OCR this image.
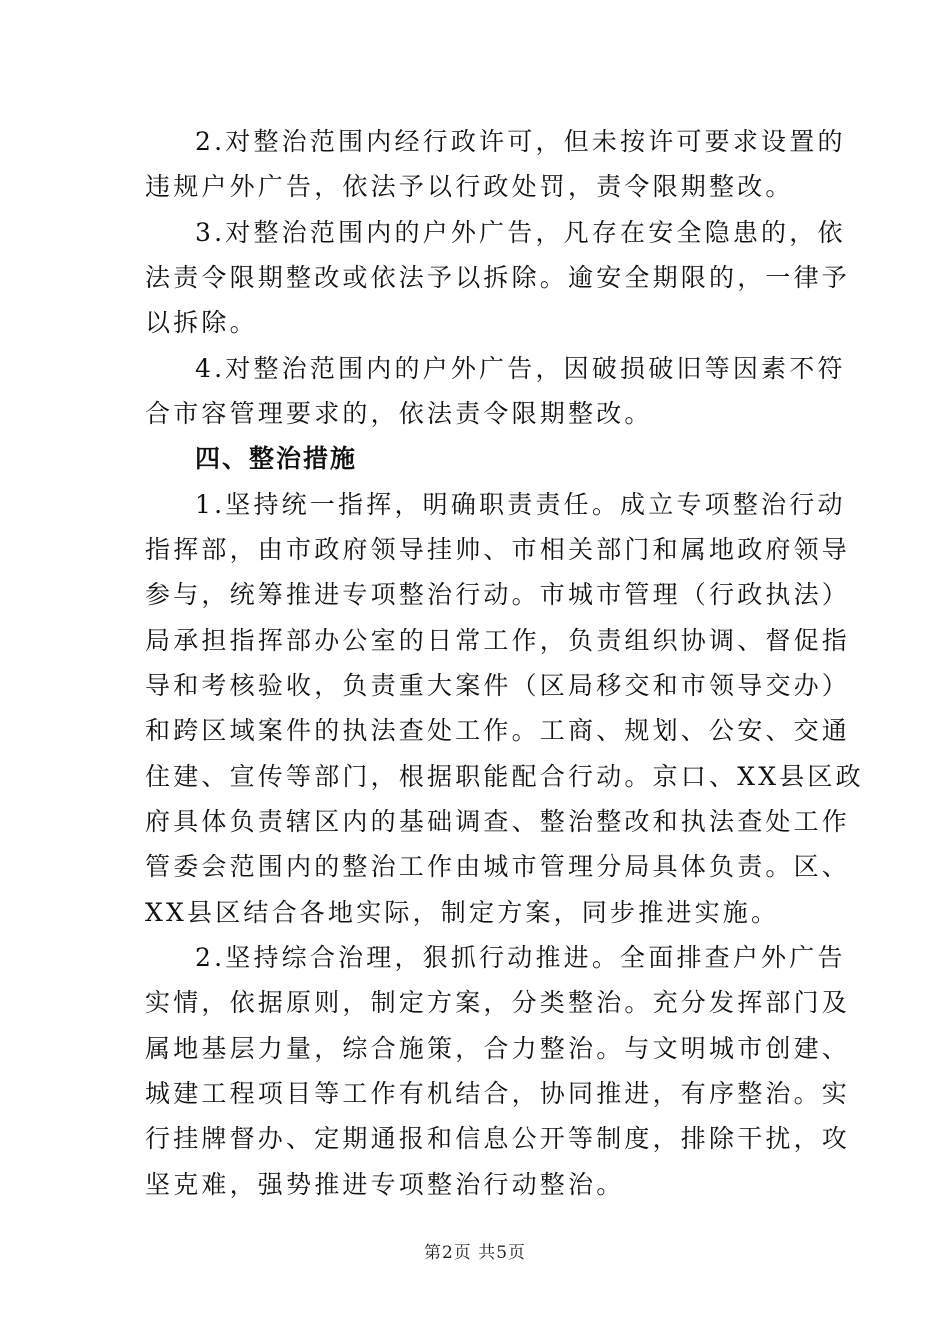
2.对整治范围内经行政许可，但未按许可要求设置的
违规户外广告，依法予以行政处罚，责令限期整改。
3.对整治范围内的户外广告，凡存在安全隐患的，依
法责令限期整改或依法予以拆除。逾安全期限的，一律予
以拆除。
4.对整治范围内的户外广告，因破损破旧等因素不符
合市容管理要求的，依法责令限期整改。
四、整治措施
1.坚持统一指挥，明确职责责任。成立专项整治行动
指挥部，由市政府领导挂帅、市相关部门和属地政府领导
参与，统筹推进专项整治行动。市城市管理（行政执法）
局承担指挥部办公室的日常工作，负责组织协调、督促指
导和考核验收，负责重大案件（区局移交和市领导交办）
和跨区域案件的执法查处工作。工商、规划、公安、交通
住建、宣传等部门，根据职能配合行动。京口、XX县区政
府具体负责辖区内的基础调查、整治整改和执法查处工作
管委会范围内的整治工作由城市管理分局具体负责。区、
XX县区结合各地实际，制定方案，同步推进实施。
2.坚持综合治理，狠抓行动推进。全面排查户外广告
实情，依据原则，制定方案，分类整治。充分发挥部门及
属地基层力量，综合施策，合力整治。与文明城市创建、
城建工程项目等工作有机结合，协同推进，有序整治。实
行挂牌督办、定期通报和信息公开等制度，排除干扰，攻
坚克难，强势推进专项整治行动整治。
第2页 共5页
